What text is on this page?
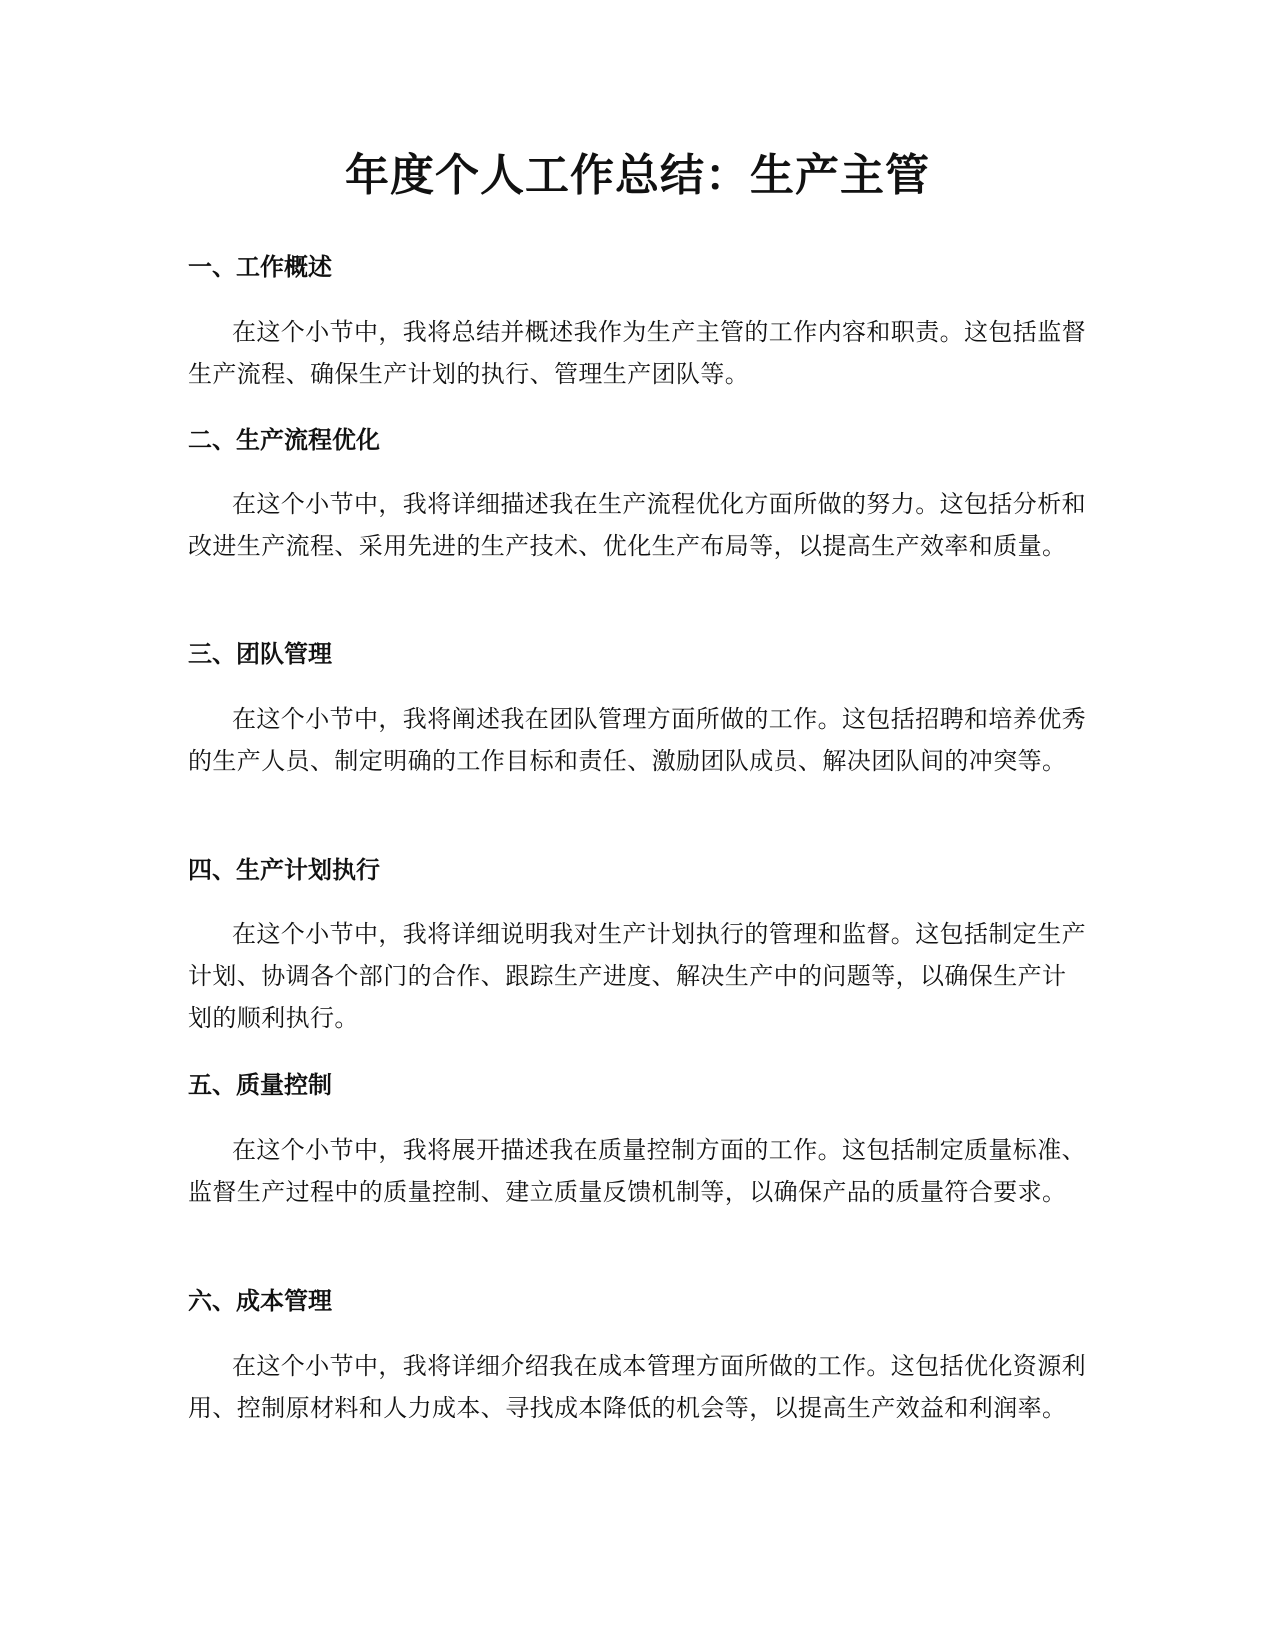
年度个人工作总结：生产主管
一、工作概述

在这个小节中，我将总结并概述我作为生产主管的工作内容和职责。这包括监督生产流程、确保生产计划的执行、管理生产团队等。

二、生产流程优化

在这个小节中，我将详细描述我在生产流程优化方面所做的努力。这包括分析和改进生产流程、采用先进的生产技术、优化生产布局等，以提高生产效率和质量。

三、团队管理

在这个小节中，我将阐述我在团队管理方面所做的工作。这包括招聘和培养优秀的生产人员、制定明确的工作目标和责任、激励团队成员、解决团队间的冲突等。

四、生产计划执行

在这个小节中，我将详细说明我对生产计划执行的管理和监督。这包括制定生产计划、协调各个部门的合作、跟踪生产进度、解决生产中的问题等，以确保生产计划的顺利执行。

五、质量控制

在这个小节中，我将展开描述我在质量控制方面的工作。这包括制定质量标准、监督生产过程中的质量控制、建立质量反馈机制等，以确保产品的质量符合要求。

六、成本管理

在这个小节中，我将详细介绍我在成本管理方面所做的工作。这包括优化资源利用、控制原材料和人力成本、寻找成本降低的机会等，以提高生产效益和利润率。
